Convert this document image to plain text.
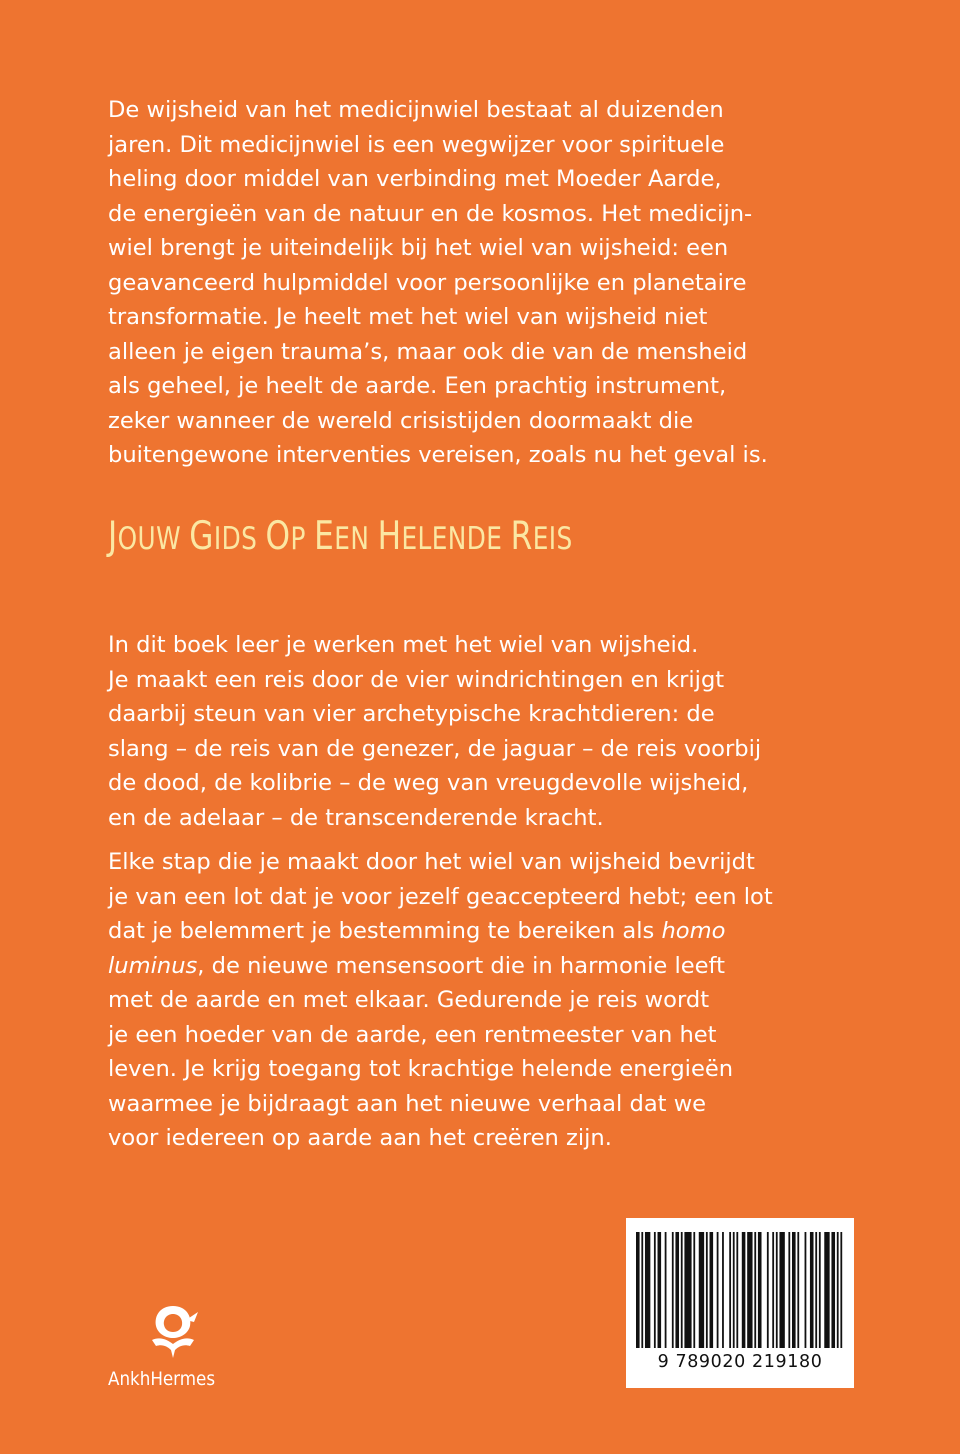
De wijsheid van het medicijnwiel bestaat al duizenden
jaren. Dit medicijnwiel is een wegwijzer voor spirituele
heling door middel van verbinding met Moeder Aarde,
de energieën van de natuur en de kosmos. Het medicijn-
wiel brengt je uiteindelijk bij het wiel van wijsheid: een
geavanceerd hulpmiddel voor persoonlijke en planetaire
transformatie. Je heelt met het wiel van wijsheid niet
alleen je eigen trauma’s, maar ook die van de mensheid
als geheel, je heelt de aarde. Een prachtig instrument,
zeker wanneer de wereld crisistijden doormaakt die
buitengewone interventies vereisen, zoals nu het geval is.
JOUW GIDS OP EEN HELENDE REIS
In dit boek leer je werken met het wiel van wijsheid.
Je maakt een reis door de vier windrichtingen en krijgt
daarbij steun van vier archetypische krachtdieren: de
slang – de reis van de genezer, de jaguar – de reis voorbij
de dood, de kolibrie – de weg van vreugdevolle wijsheid,
en de adelaar – de transcenderende kracht.
Elke stap die je maakt door het wiel van wijsheid bevrijdt
je van een lot dat je voor jezelf geaccepteerd hebt; een lot
dat je belemmert je bestemming te bereiken als homo
luminus, de nieuwe mensensoort die in harmonie leeft
met de aarde en met elkaar. Gedurende je reis wordt
je een hoeder van de aarde, een rentmeester van het
leven. Je krijg toegang tot krachtige helende energieën
waarmee je bijdraagt aan het nieuwe verhaal dat we
voor iedereen op aarde aan het creëren zijn.
AnkhHermes
9 789020 219180
